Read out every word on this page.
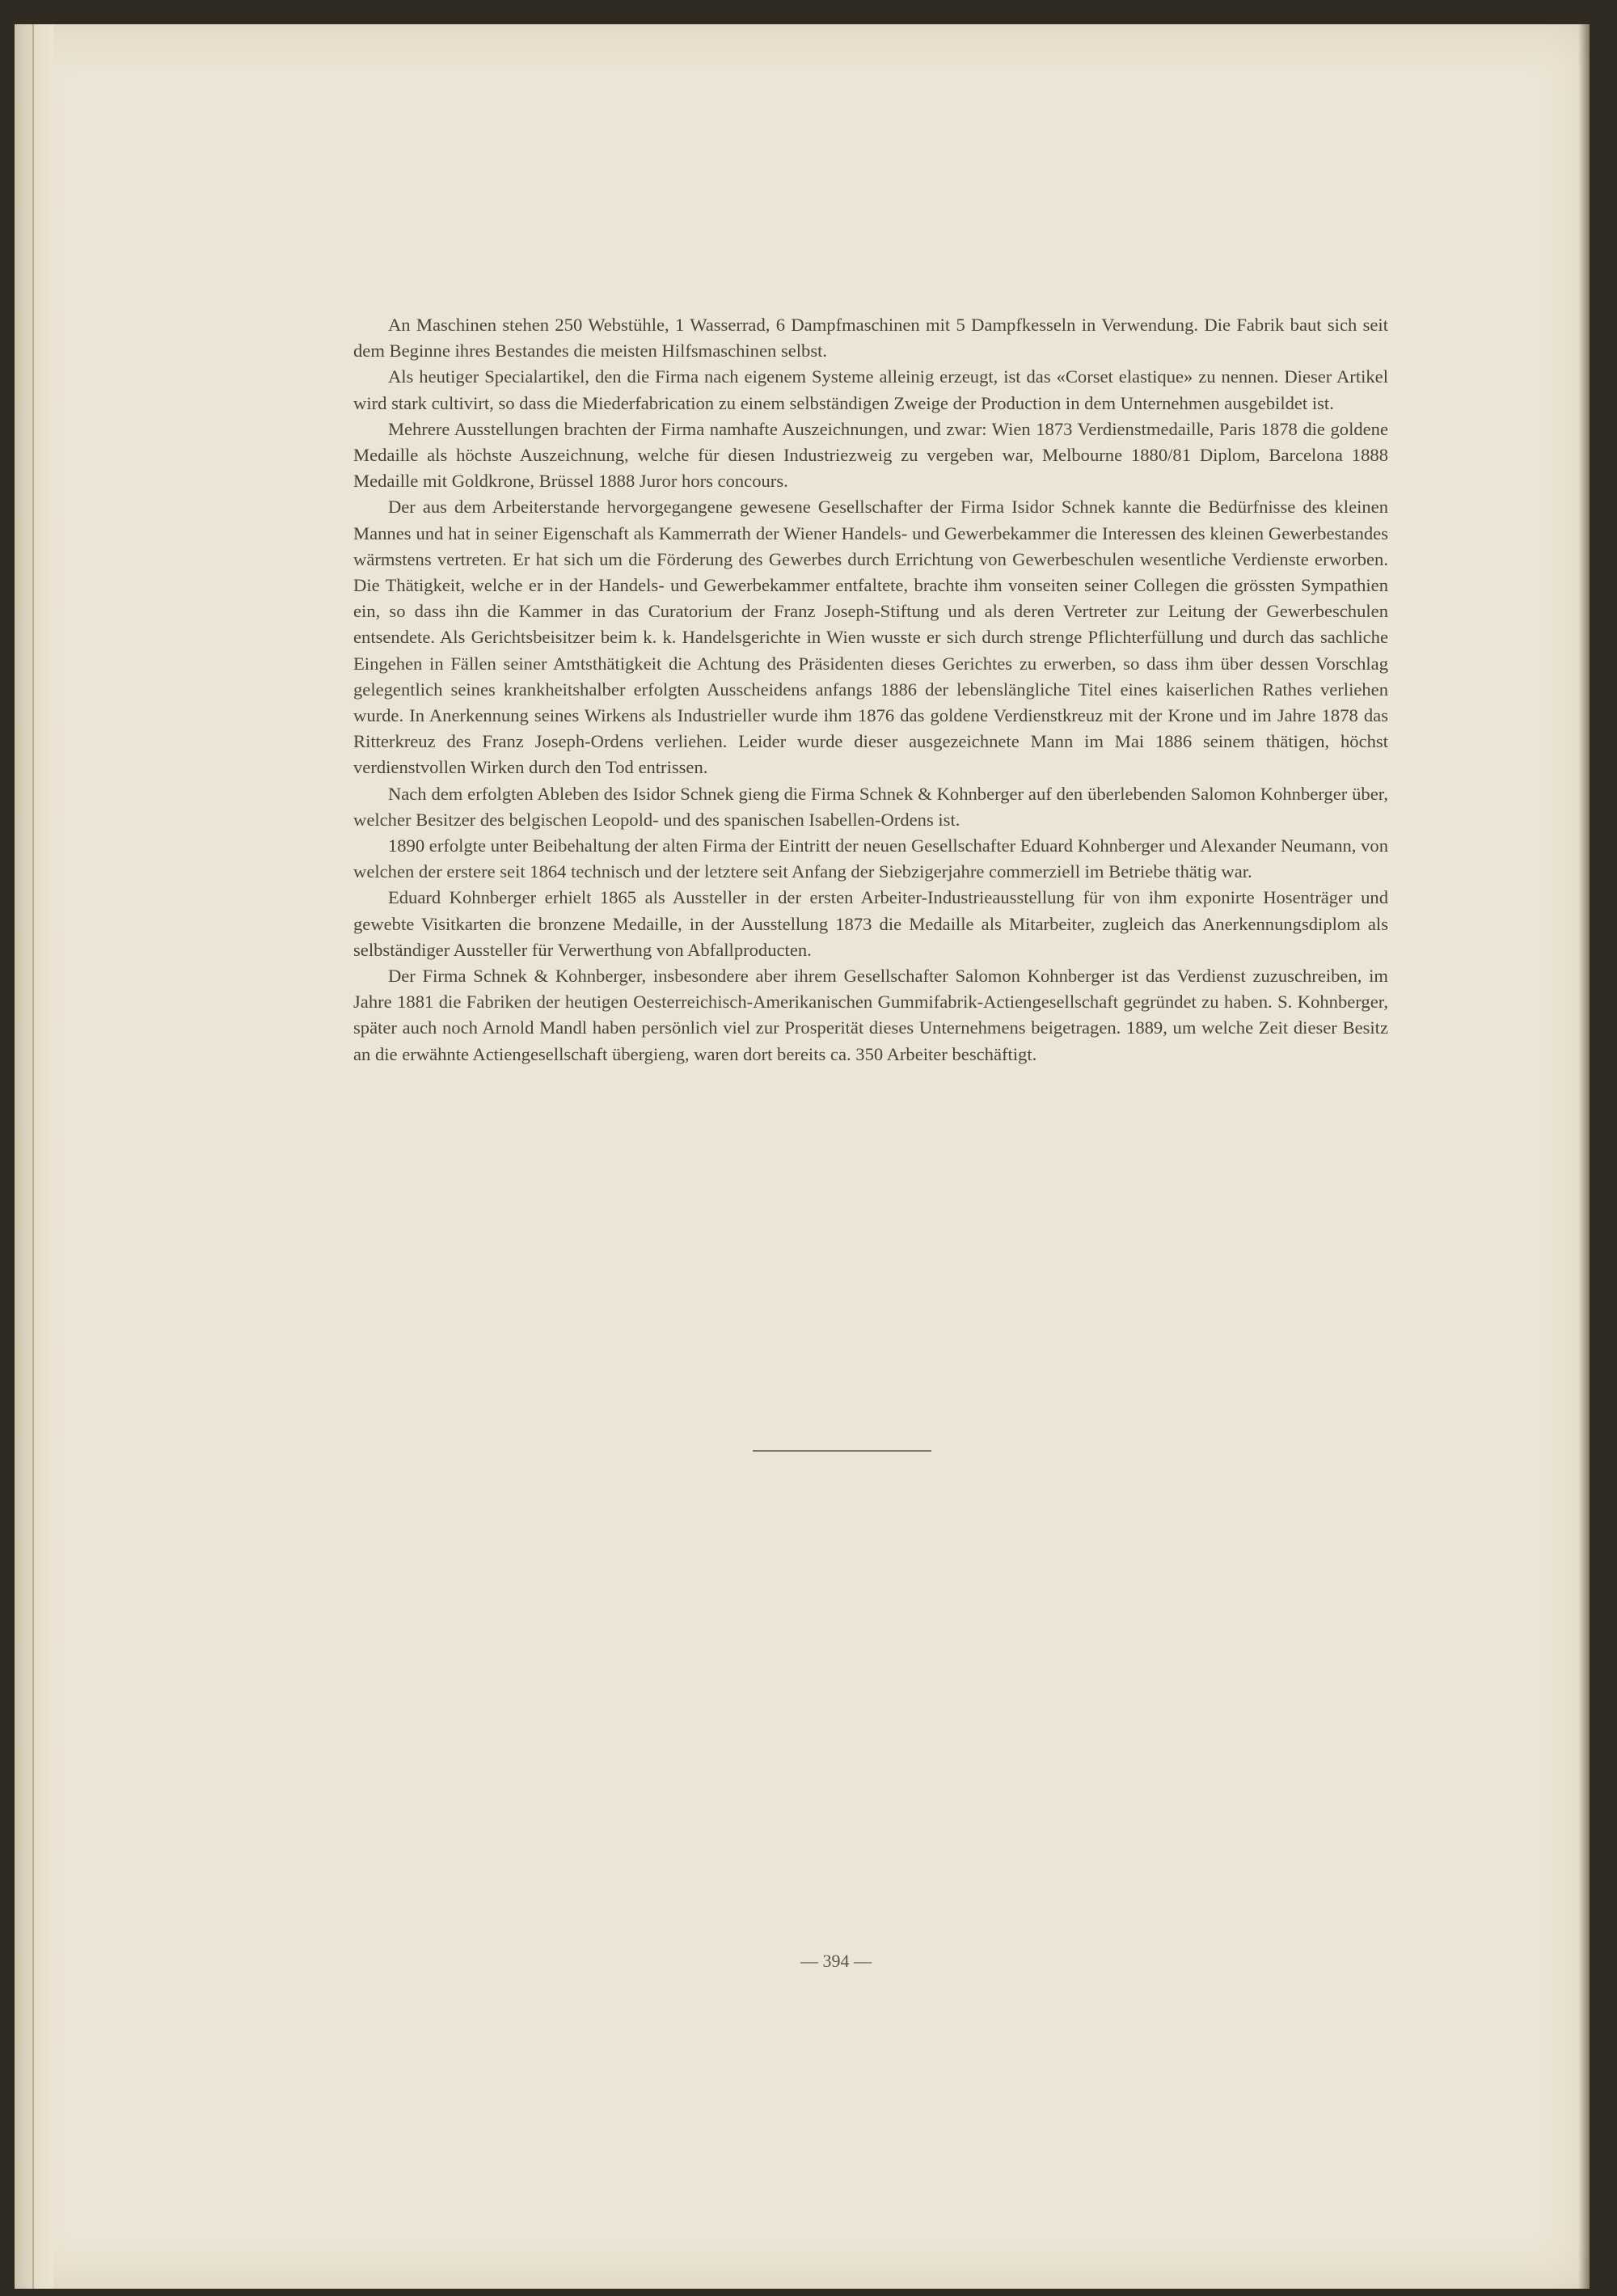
An Maschinen stehen 250 Webstühle, 1 Wasserrad, 6 Dampfmaschinen mit 5 Dampfkesseln in Verwendung. Die Fabrik baut sich seit dem Beginne ihres Bestandes die meisten Hilfsmaschinen selbst.

Als heutiger Specialartikel, den die Firma nach eigenem Systeme alleinig erzeugt, ist das «Corset elastique» zu nennen. Dieser Artikel wird stark cultivirt, so dass die Miederfabrication zu einem selbständigen Zweige der Production in dem Unternehmen ausgebildet ist.

Mehrere Ausstellungen brachten der Firma namhafte Auszeichnungen, und zwar: Wien 1873 Verdienstmedaille, Paris 1878 die goldene Medaille als höchste Auszeichnung, welche für diesen Industriezweig zu vergeben war, Melbourne 1880/81 Diplom, Barcelona 1888 Medaille mit Goldkrone, Brüssel 1888 Juror hors concours.

Der aus dem Arbeiterstande hervorgegangene gewesene Gesellschafter der Firma Isidor Schnek kannte die Bedürfnisse des kleinen Mannes und hat in seiner Eigenschaft als Kammerrath der Wiener Handels- und Gewerbekammer die Interessen des kleinen Gewerbestandes wärmstens vertreten. Er hat sich um die Förderung des Gewerbes durch Errichtung von Gewerbeschulen wesentliche Verdienste erworben. Die Thätigkeit, welche er in der Handels- und Gewerbekammer entfaltete, brachte ihm vonseiten seiner Collegen die grössten Sympathien ein, so dass ihn die Kammer in das Curatorium der Franz Joseph-Stiftung und als deren Vertreter zur Leitung der Gewerbeschulen entsendete. Als Gerichtsbeisitzer beim k. k. Handelsgerichte in Wien wusste er sich durch strenge Pflichterfüllung und durch das sachliche Eingehen in Fällen seiner Amtsthätigkeit die Achtung des Präsidenten dieses Gerichtes zu erwerben, so dass ihm über dessen Vorschlag gelegentlich seines krankheitshalber erfolgten Ausscheidens anfangs 1886 der lebenslängliche Titel eines kaiserlichen Rathes verliehen wurde. In Anerkennung seines Wirkens als Industrieller wurde ihm 1876 das goldene Verdienstkreuz mit der Krone und im Jahre 1878 das Ritterkreuz des Franz Joseph-Ordens verliehen. Leider wurde dieser ausgezeichnete Mann im Mai 1886 seinem thätigen, höchst verdienstvollen Wirken durch den Tod entrissen.

Nach dem erfolgten Ableben des Isidor Schnek gieng die Firma Schnek & Kohnberger auf den überlebenden Salomon Kohnberger über, welcher Besitzer des belgischen Leopold- und des spanischen Isabellen-Ordens ist.

1890 erfolgte unter Beibehaltung der alten Firma der Eintritt der neuen Gesellschafter Eduard Kohnberger und Alexander Neumann, von welchen der erstere seit 1864 technisch und der letztere seit Anfang der Siebzigerjahre commerziell im Betriebe thätig war.

Eduard Kohnberger erhielt 1865 als Aussteller in der ersten Arbeiter-Industrieausstellung für von ihm exponirte Hosenträger und gewebte Visitkarten die bronzene Medaille, in der Ausstellung 1873 die Medaille als Mitarbeiter, zugleich das Anerkennungsdiplom als selbständiger Aussteller für Verwerthung von Abfallproducten.

Der Firma Schnek & Kohnberger, insbesondere aber ihrem Gesellschafter Salomon Kohnberger ist das Verdienst zuzuschreiben, im Jahre 1881 die Fabriken der heutigen Oesterreichisch-Amerikanischen Gummifabrik-Actiengesellschaft gegründet zu haben. S. Kohnberger, später auch noch Arnold Mandl haben persönlich viel zur Prosperität dieses Unternehmens beigetragen. 1889, um welche Zeit dieser Besitz an die erwähnte Actiengesellschaft übergieng, waren dort bereits ca. 350 Arbeiter beschäftigt.

— 394 —
